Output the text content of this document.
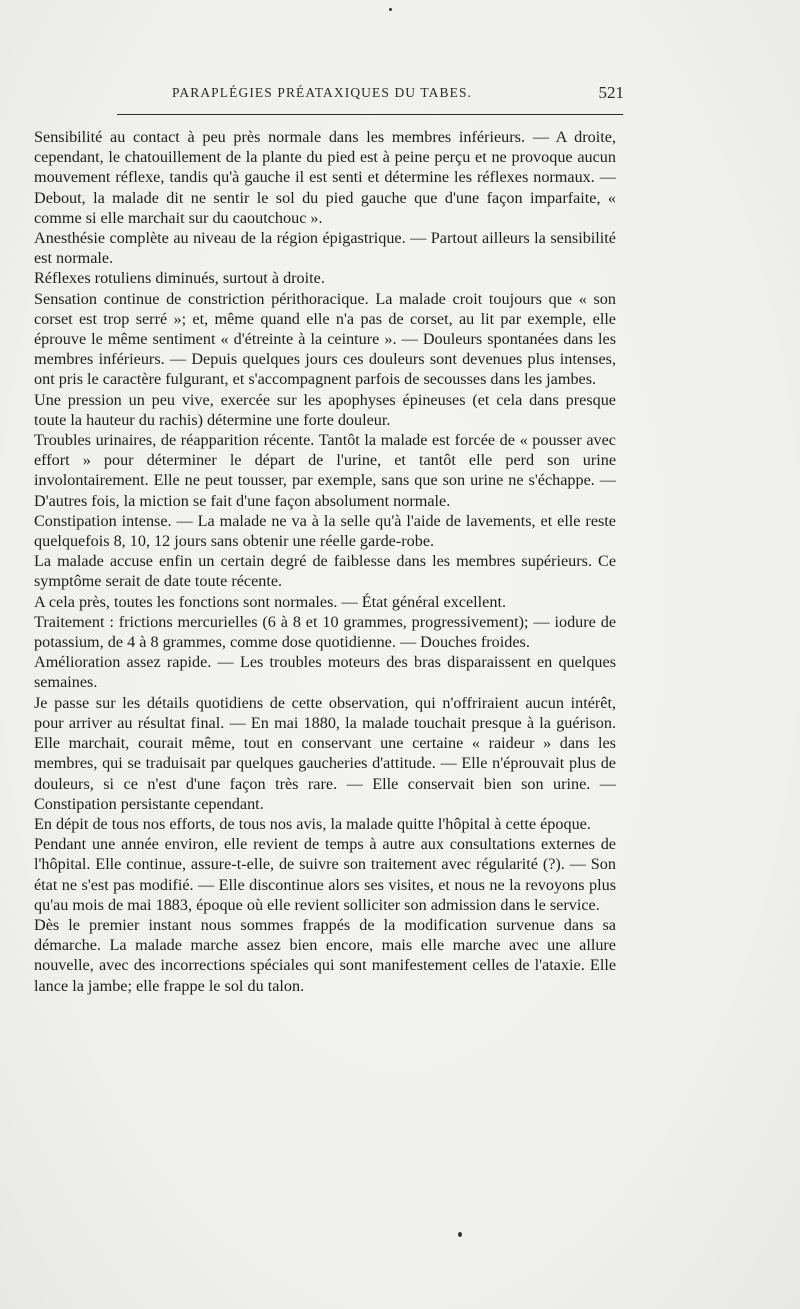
PARAPLÉGIES PRÉATAXIQUES DU TABES.	521

Sensibilité au contact à peu près normale dans les membres inférieurs. — A droite, cependant, le chatouillement de la plante du pied est à peine perçu et ne provoque aucun mouvement réflexe, tandis qu'à gauche il est senti et détermine les réflexes normaux. — Debout, la malade dit ne sentir le sol du pied gauche que d'une façon imparfaite, « comme si elle marchait sur du caoutchouc ».

Anesthésie complète au niveau de la région épigastrique. — Partout ailleurs la sensibilité est normale.

Réflexes rotuliens diminués, surtout à droite.

Sensation continue de constriction périthoracique. La malade croit toujours que « son corset est trop serré »; et, même quand elle n'a pas de corset, au lit par exemple, elle éprouve le même sentiment « d'étreinte à la ceinture ». — Douleurs spontanées dans les membres inférieurs. — Depuis quelques jours ces douleurs sont devenues plus intenses, ont pris le caractère fulgurant, et s'accompagnent parfois de secousses dans les jambes.

Une pression un peu vive, exercée sur les apophyses épineuses (et cela dans presque toute la hauteur du rachis) détermine une forte douleur.

Troubles urinaires, de réapparition récente. Tantôt la malade est forcée de « pousser avec effort » pour déterminer le départ de l'urine, et tantôt elle perd son urine involontairement. Elle ne peut tousser, par exemple, sans que son urine ne s'échappe. — D'autres fois, la miction se fait d'une façon absolument normale.

Constipation intense. — La malade ne va à la selle qu'à l'aide de lavements, et elle reste quelquefois 8, 10, 12 jours sans obtenir une réelle garde-robe.

La malade accuse enfin un certain degré de faiblesse dans les membres supérieurs. Ce symptôme serait de date toute récente.

A cela près, toutes les fonctions sont normales. — État général excellent.

Traitement : frictions mercurielles (6 à 8 et 10 grammes, progressivement); — iodure de potassium, de 4 à 8 grammes, comme dose quotidienne. — Douches froides.

Amélioration assez rapide. — Les troubles moteurs des bras disparaissent en quelques semaines.

Je passe sur les détails quotidiens de cette observation, qui n'offriraient aucun intérêt, pour arriver au résultat final. — En mai 1880, la malade touchait presque à la guérison. Elle marchait, courait même, tout en conservant une certaine « raideur » dans les membres, qui se traduisait par quelques gaucheries d'attitude. — Elle n'éprouvait plus de douleurs, si ce n'est d'une façon très rare. — Elle conservait bien son urine. — Constipation persistante cependant.

En dépit de tous nos efforts, de tous nos avis, la malade quitte l'hôpital à cette époque.

Pendant une année environ, elle revient de temps à autre aux consultations externes de l'hôpital. Elle continue, assure-t-elle, de suivre son traitement avec régularité (?). — Son état ne s'est pas modifié. — Elle discontinue alors ses visites, et nous ne la revoyons plus qu'au mois de mai 1883, époque où elle revient solliciter son admission dans le service.

Dès le premier instant nous sommes frappés de la modification survenue dans sa démarche. La malade marche assez bien encore, mais elle marche avec une allure nouvelle, avec des incorrections spéciales qui sont manifestement celles de l'ataxie. Elle lance la jambe; elle frappe le sol du talon.
